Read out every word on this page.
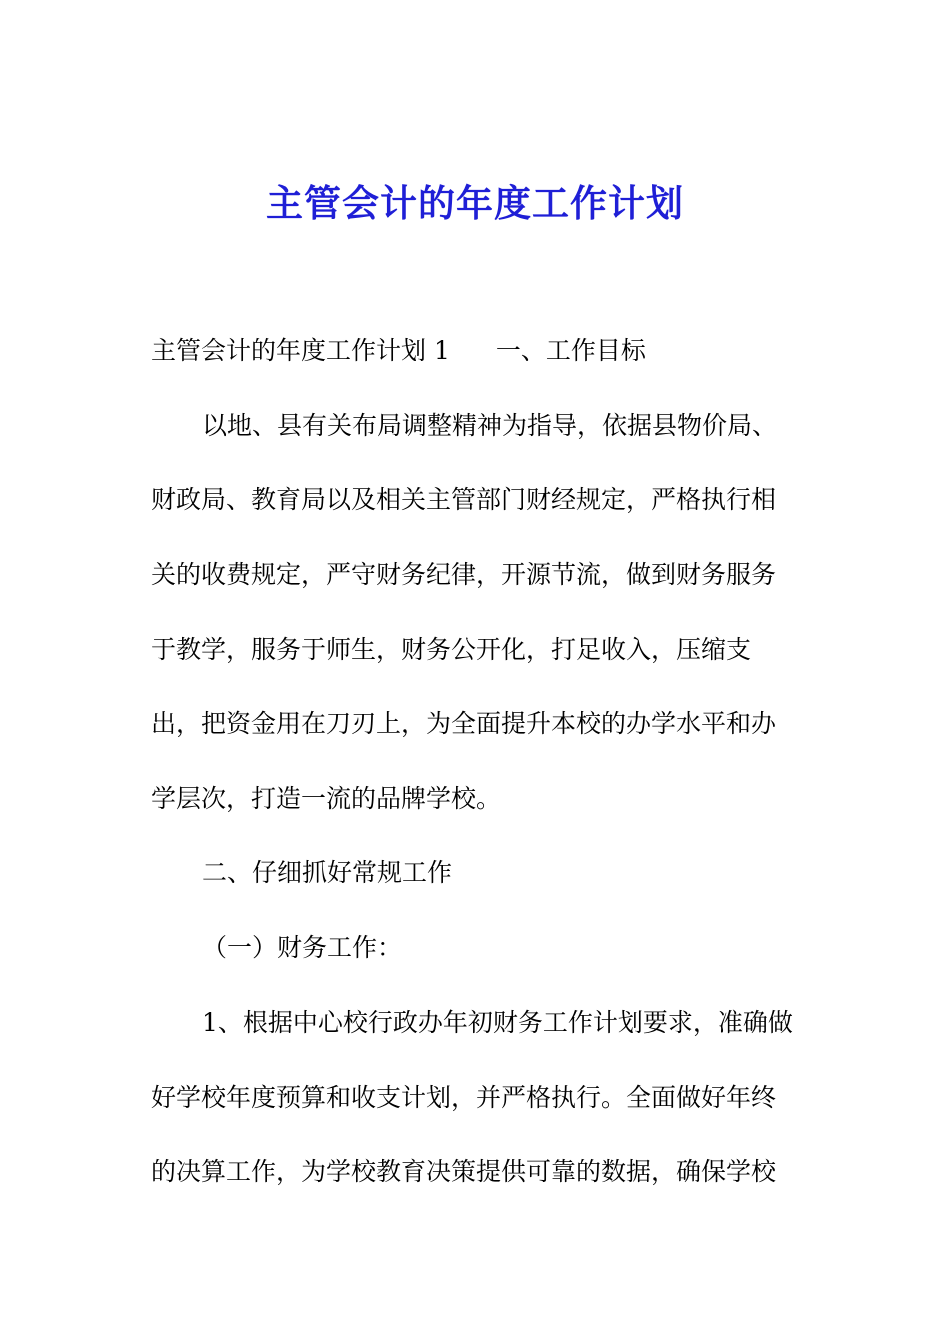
主管会计的年度工作计划
主管会计的年度工作计划 1 一、工作目标
以地、县有关布局调整精神为指导，依据县物价局、
财政局、教育局以及相关主管部门财经规定，严格执行相
关的收费规定，严守财务纪律，开源节流，做到财务服务
于教学，服务于师生，财务公开化，打足收入，压缩支
出，把资金用在刀刃上，为全面提升本校的办学水平和办
学层次，打造一流的品牌学校。
二、仔细抓好常规工作
（一）财务工作：
1、根据中心校行政办年初财务工作计划要求，准确做
好学校年度预算和收支计划，并严格执行。全面做好年终
的决算工作，为学校教育决策提供可靠的数据，确保学校
